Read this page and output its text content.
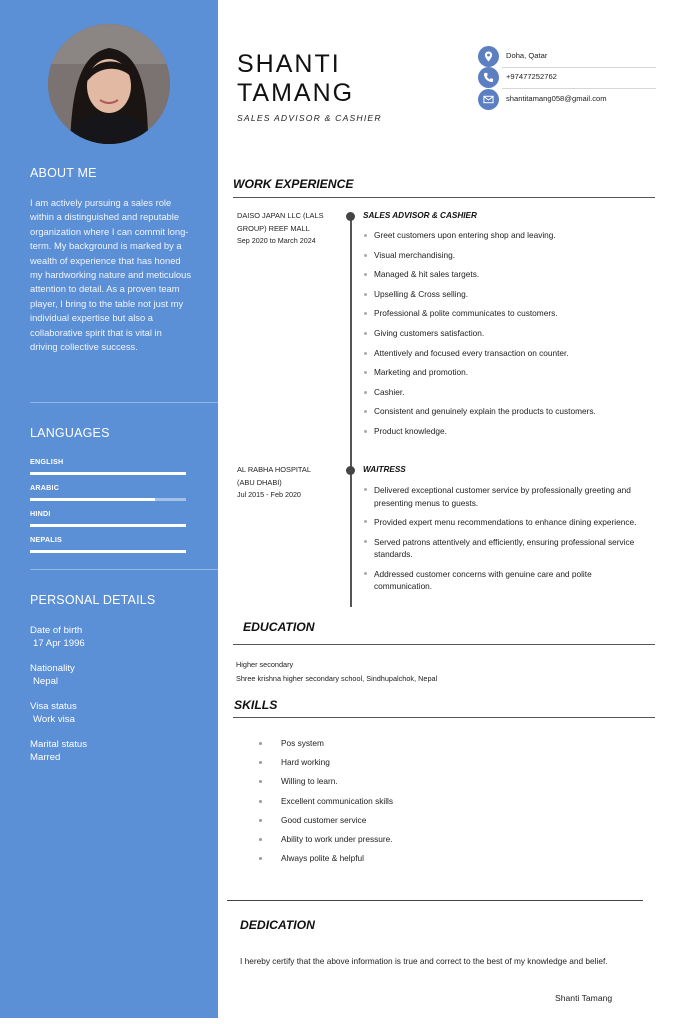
ABOUT ME

I am actively pursuing a sales role within a distinguished and reputable organization where I can commit long-term. My background is marked by a wealth of experience that has honed my hardworking nature and meticulous attention to detail. As a proven team player, I bring to the table not just my individual expertise but also a collaborative spirit that is vital in driving collective success.

LANGUAGES
ENGLISH
ARABIC
HINDI
NEPALIS
PERSONAL DETAILS
Date of birth
17 Apr 1996
Nationality
Nepal
Visa status
Work visa
Marital status
Marred
SHANTI
TAMANG
SALES ADVISOR & CASHIER
Doha, Qatar
+97477252762
shantitamang058@gmail.com
WORK EXPERIENCE
DAISO JAPAN LLC (LALS
GROUP) REEF MALL
Sep 2020 to March 2024
SALES ADVISOR & CASHIER
Greet customers upon entering shop and leaving.
Visual merchandising.
Managed & hit sales targets.
Upselling & Cross selling.
Professional & polite communicates to customers.
Giving customers satisfaction.
Attentively and focused every transaction on counter.
Marketing and promotion.
Cashier.
Consistent and genuinely explain the products to customers.
Product knowledge.
AL RABHA HOSPITAL
(ABU DHABI)
Jul 2015 - Feb 2020
WAITRESS
Delivered exceptional customer service by professionally greeting and presenting menus to guests.
Provided expert menu recommendations to enhance dining experience.
Served patrons attentively and efficiently, ensuring professional service standards.
Addressed customer concerns with genuine care and polite communication.
EDUCATION
Higher secondary
Shree krishna higher secondary school, Sindhupalchok, Nepal
SKILLS
Pos system
Hard working
Willing to learn.
Excellent communication skills
Good customer service
Ability to work under pressure.
Always polite & helpful
DEDICATION
I hereby certify that the above information is true and correct to the best of my knowledge and belief.
Shanti Tamang
